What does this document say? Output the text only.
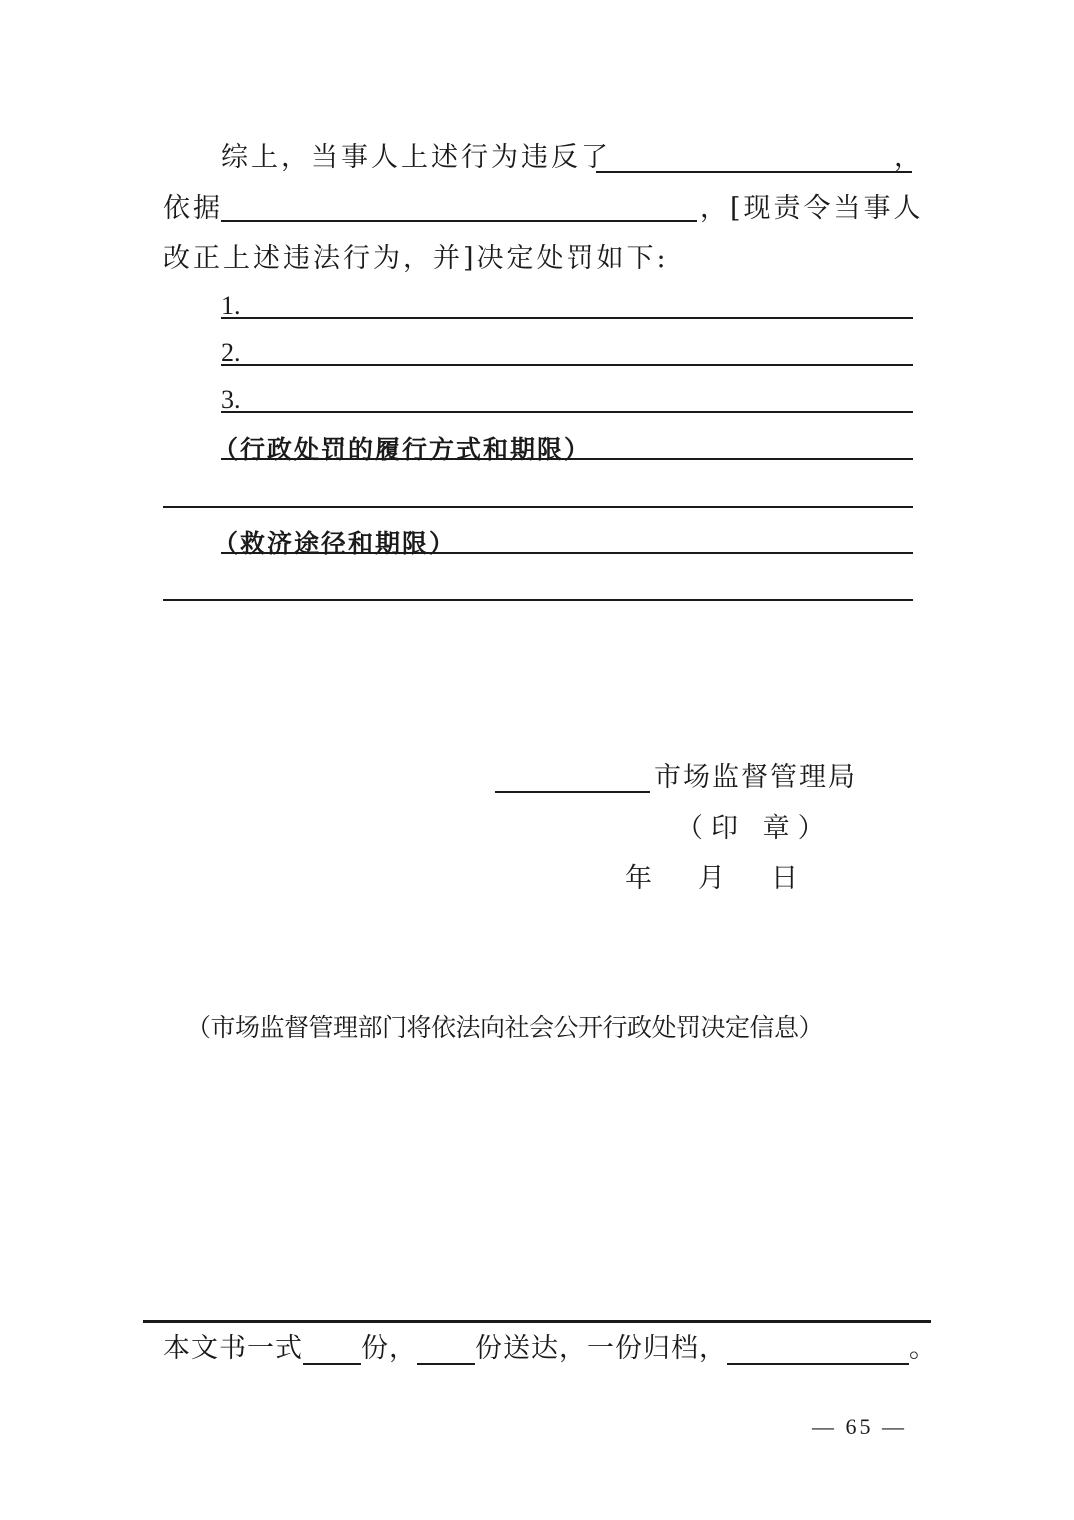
综上，当事人上述行为违反了	，
依据	，[现责令当事人
改正上述违法行为，并]决定处罚如下:
1.
2.
3.
（行政处罚的履行方式和期限）
（救济途径和期限）
市场监督管理局
（印 章）
年 月 日
（市场监督管理部门将依法向社会公开行政处罚决定信息）
本文书一式 份， 份送达，一份归档，	。
— 65 —
